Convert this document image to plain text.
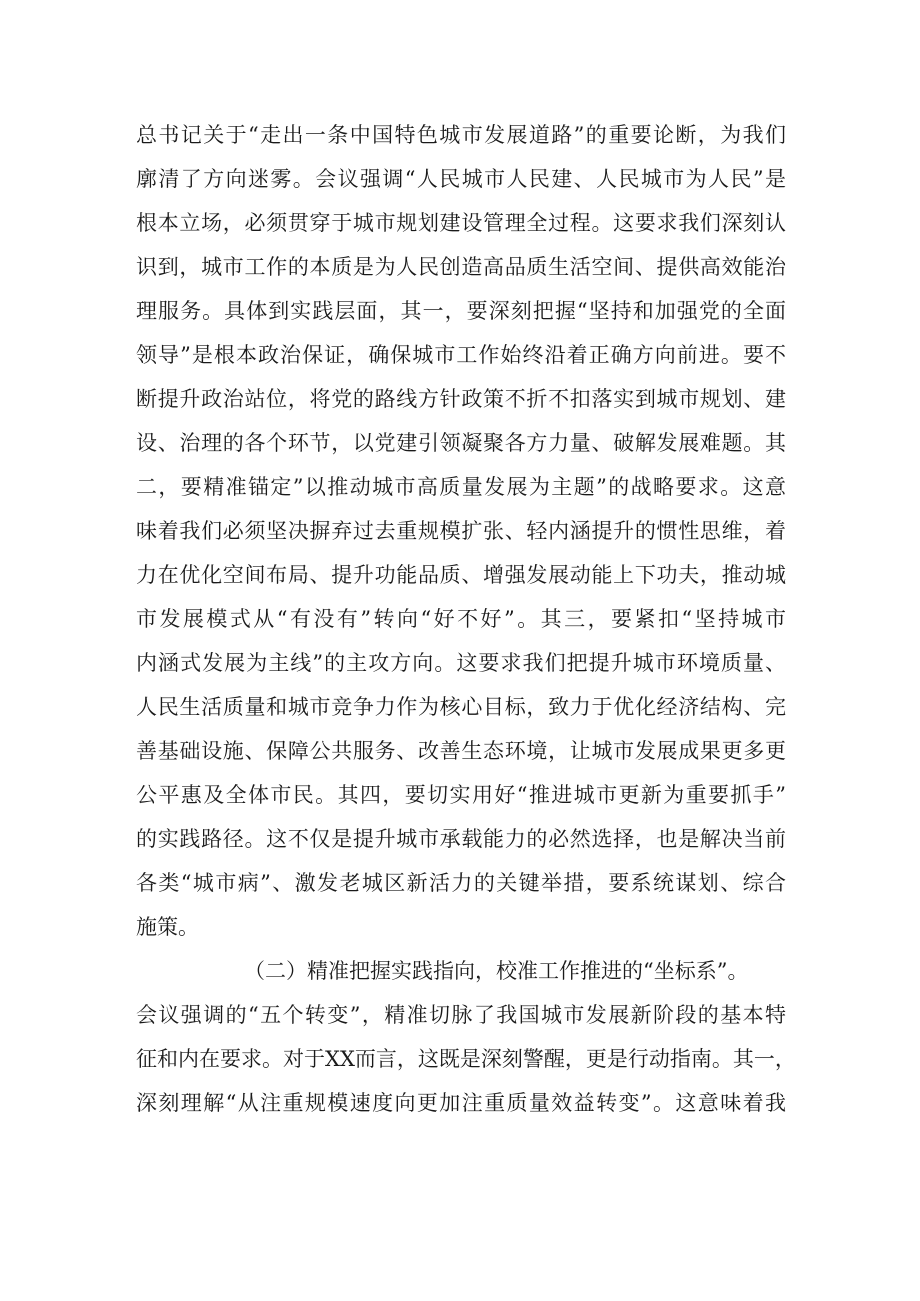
总书记关于“走出一条中国特色城市发展道路”的重要论断，为我们
廓清了方向迷雾。会议强调“人民城市人民建、人民城市为人民”是
根本立场，必须贯穿于城市规划建设管理全过程。这要求我们深刻认
识到，城市工作的本质是为人民创造高品质生活空间、提供高效能治
理服务。具体到实践层面，其一，要深刻把握“坚持和加强党的全面
领导”是根本政治保证，确保城市工作始终沿着正确方向前进。要不
断提升政治站位，将党的路线方针政策不折不扣落实到城市规划、建
设、治理的各个环节，以党建引领凝聚各方力量、破解发展难题。其
二，要精准锚定”以推动城市高质量发展为主题”的战略要求。这意
味着我们必须坚决摒弃过去重规模扩张、轻内涵提升的惯性思维，着
力在优化空间布局、提升功能品质、增强发展动能上下功夫，推动城
市发展模式从“有没有”转向“好不好”。其三，要紧扣“坚持城市
内涵式发展为主线”的主攻方向。这要求我们把提升城市环境质量、
人民生活质量和城市竞争力作为核心目标，致力于优化经济结构、完
善基础设施、保障公共服务、改善生态环境，让城市发展成果更多更
公平惠及全体市民。其四，要切实用好“推进城市更新为重要抓手”
的实践路径。这不仅是提升城市承载能力的必然选择，也是解决当前
各类“城市病”、激发老城区新活力的关键举措，要系统谋划、综合
施策。
（二）精准把握实践指向，校准工作推进的“坐标系”。
会议强调的“五个转变”，精准切脉了我国城市发展新阶段的基本特
征和内在要求。对于XX而言，这既是深刻警醒，更是行动指南。其一，
深刻理解“从注重规模速度向更加注重质量效益转变”。这意味着我
